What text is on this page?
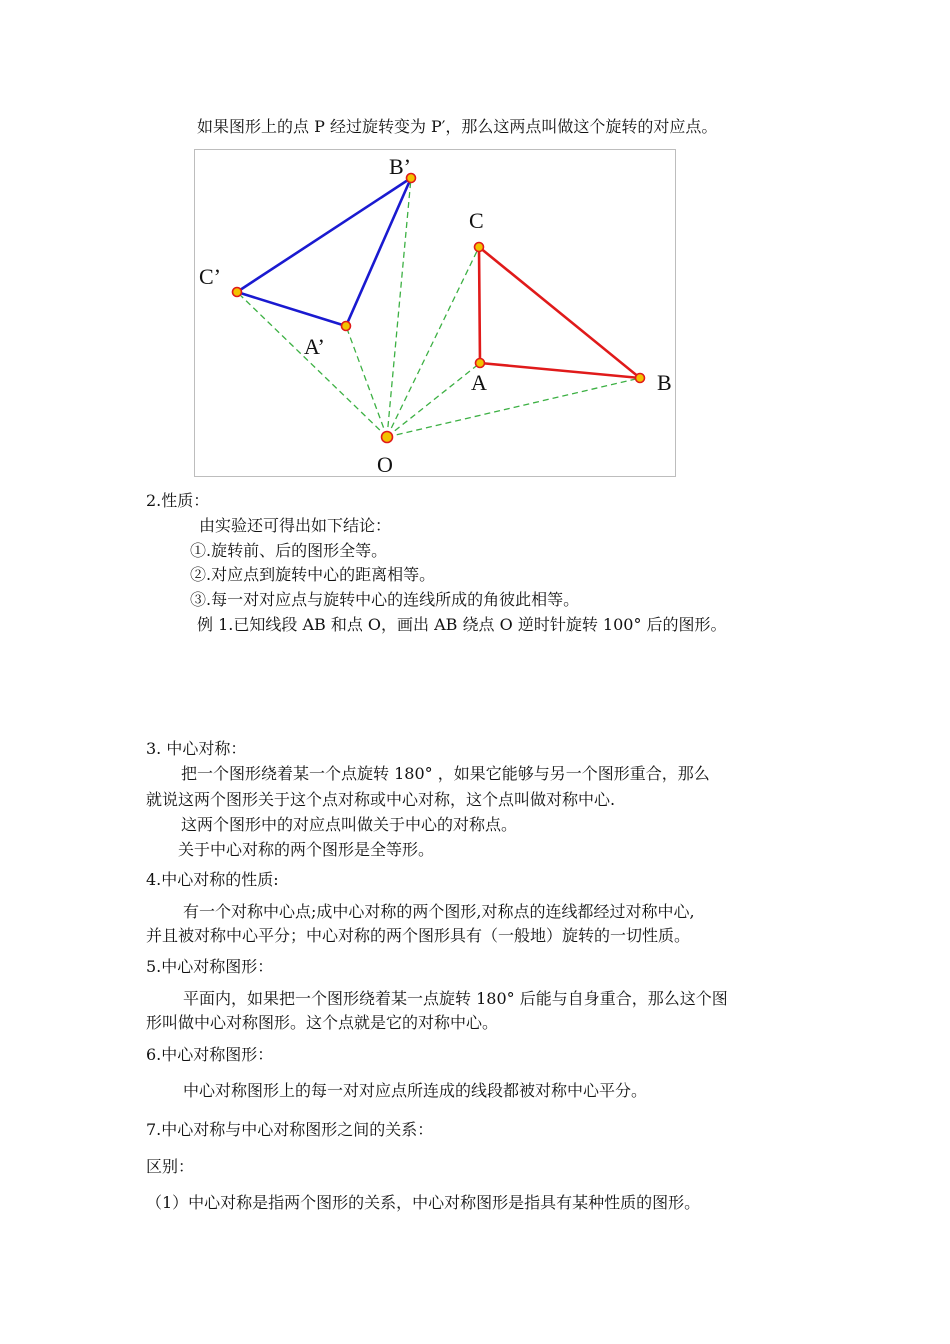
如果图形上的点 P 经过旋转变为 P′，那么这两点叫做这个旋转的对应点。
B’
C’
A’
C
A	B
O
2.性质：
由实验还可得出如下结论：
①.旋转前、后的图形全等。
②.对应点到旋转中心的距离相等。
③.每一对对应点与旋转中心的连线所成的角彼此相等。
例 1.已知线段 AB 和点 O，画出 AB 绕点 O 逆时针旋转 100° 后的图形。
3. 中心对称：
把一个图形绕着某一个点旋转 180° ，如果它能够与另一个图形重合，那么
就说这两个图形关于这个点对称或中心对称，这个点叫做对称中心.
这两个图形中的对应点叫做关于中心的对称点。
关于中心对称的两个图形是全等形。
4.中心对称的性质:
有一个对称中心点;成中心对称的两个图形,对称点的连线都经过对称中心,
并且被对称中心平分；中心对称的两个图形具有（一般地）旋转的一切性质。
5.中心对称图形：
平面内，如果把一个图形绕着某一点旋转 180° 后能与自身重合，那么这个图
形叫做中心对称图形。这个点就是它的对称中心。
6.中心对称图形：
中心对称图形上的每一对对应点所连成的线段都被对称中心平分。
7.中心对称与中心对称图形之间的关系：
区别：
（1）中心对称是指两个图形的关系，中心对称图形是指具有某种性质的图形。
